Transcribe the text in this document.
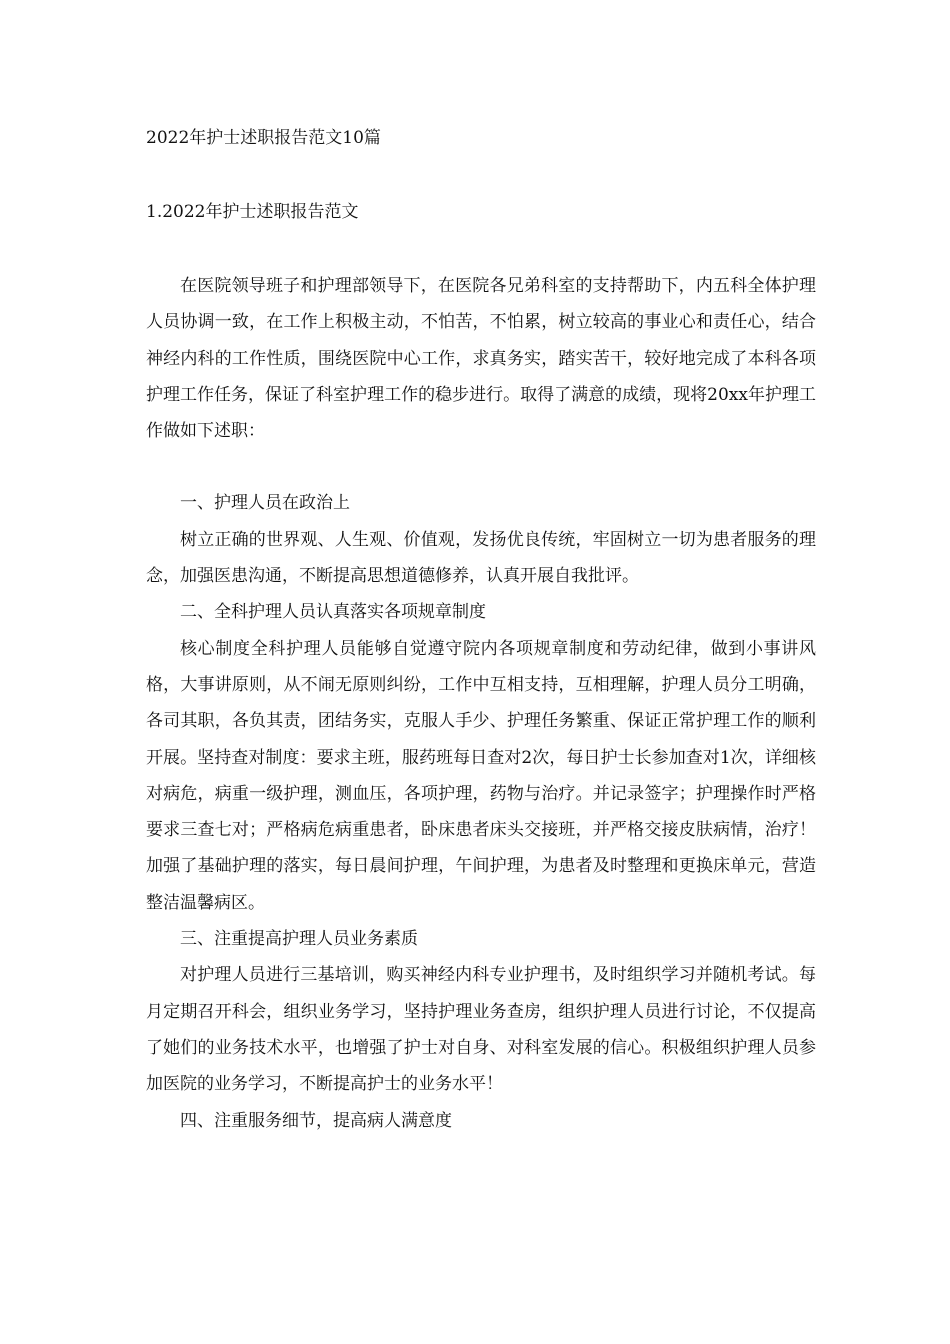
2022年护士述职报告范文10篇
1.2022年护士述职报告范文

在医院领导班子和护理部领导下，在医院各兄弟科室的支持帮助下，内五科全体护理人员协调一致，在工作上积极主动，不怕苦，不怕累，树立较高的事业心和责任心，结合神经内科的工作性质，围绕医院中心工作，求真务实，踏实苦干，较好地完成了本科各项护理工作任务，保证了科室护理工作的稳步进行。取得了满意的成绩，现将20xx年护理工作做如下述职：

一、护理人员在政治上

树立正确的世界观、人生观、价值观，发扬优良传统，牢固树立一切为患者服务的理念，加强医患沟通，不断提高思想道德修养，认真开展自我批评。

二、全科护理人员认真落实各项规章制度

核心制度全科护理人员能够自觉遵守院内各项规章制度和劳动纪律，做到小事讲风格，大事讲原则，从不闹无原则纠纷，工作中互相支持，互相理解，护理人员分工明确，各司其职，各负其责，团结务实，克服人手少、护理任务繁重、保证正常护理工作的顺利开展。坚持查对制度：要求主班，服药班每日查对2次，每日护士长参加查对1次，详细核对病危，病重一级护理，测血压，各项护理，药物与治疗。并记录签字；护理操作时严格要求三查七对；严格病危病重患者，卧床患者床头交接班，并严格交接皮肤病情，治疗！加强了基础护理的落实，每日晨间护理，午间护理，为患者及时整理和更换床单元，营造整洁温馨病区。

三、注重提高护理人员业务素质

对护理人员进行三基培训，购买神经内科专业护理书，及时组织学习并随机考试。每月定期召开科会，组织业务学习，坚持护理业务查房，组织护理人员进行讨论，不仅提高了她们的业务技术水平，也增强了护士对自身、对科室发展的信心。积极组织护理人员参加医院的业务学习，不断提高护士的业务水平！

四、注重服务细节，提高病人满意度
